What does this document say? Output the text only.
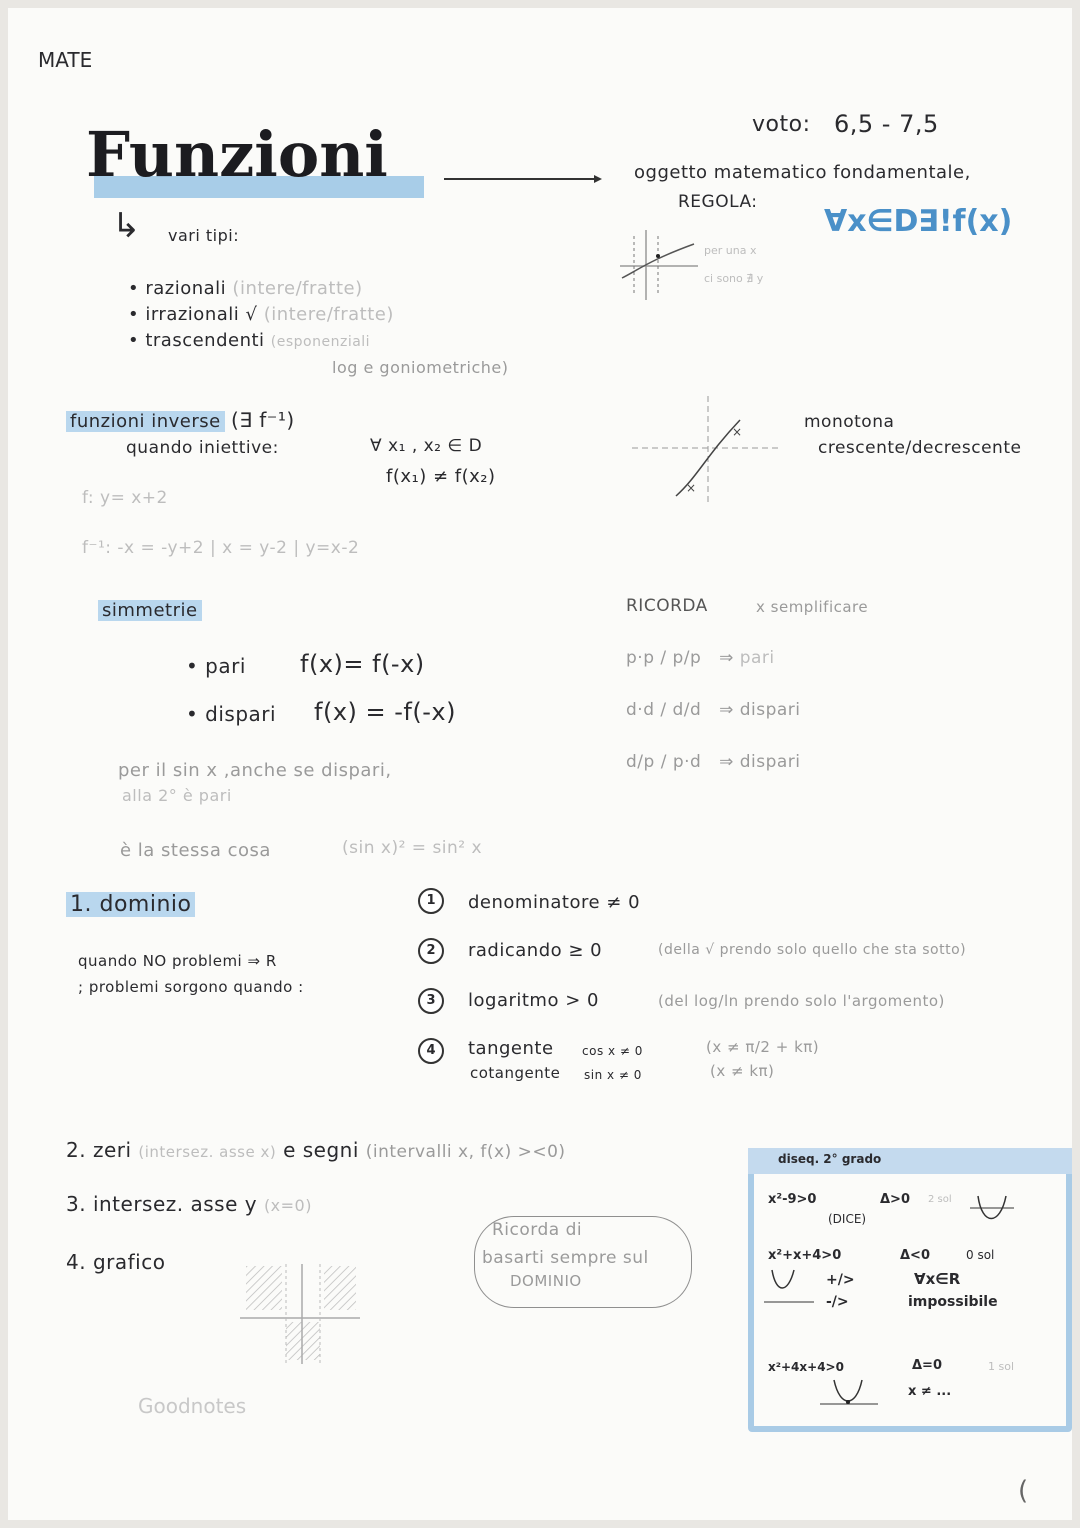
MATE
voto: 6,5 - 7,5
Funzioni	oggetto matematico fondamentale,
REGOLA:
∀x∈D∃!f(x)
per una x
ci sono ∄ y
↳ vari tipi:
• razionali (intere/fratte)
• irrazionali √ (intere/fratte)
• trascendenti (esponenziali
log e goniometriche)
funzioni inverse (∃ f⁻¹)
quando iniettive:	∀ x₁ , x₂ ∈ D
f(x₁) ≠ f(x₂)
f: y= x+2
f⁻¹: -x = -y+2 | x = y-2 | y=x-2
×
×	monotona
crescente/decrescente
simmetrie
• pari f(x)= f(-x)
• dispari f(x) = -f(-x)
per il sin x ,anche se dispari,
alla 2° è pari
è la stessa cosa	(sin x)² = sin² x
RICORDA	x semplificare
p·p / p/p ⇒ pari
d·d / d/d ⇒ dispari
d/p / p·d ⇒ dispari
1. dominio
quando NO problemi ⇒ R
; problemi sorgono quando :
1	denominatore ≠ 0
2	radicando ≥ 0	(della √ prendo solo quello che sta sotto)
3	logaritmo > 0	(del log/ln prendo solo l'argomento)
4	tangente cos x ≠ 0	(x ≠ π/2 + kπ)
cotangente sin x ≠ 0	(x ≠ kπ)
2. zeri (intersez. asse x) e segni (intervalli x, f(x) ><0)
3. intersez. asse y (x=0)
4. grafico
Ricorda di
basarti sempre sul
DOMINIO
diseq. 2° grado
x²-9>0	Δ>0 2 sol
(DICE)
x²+x+4>0	Δ<0	0 sol
+/>	∀x∈R
-/>	impossibile
x²+4x+4>0	Δ=0	1 sol
x ≠ ...
Goodnotes
(
